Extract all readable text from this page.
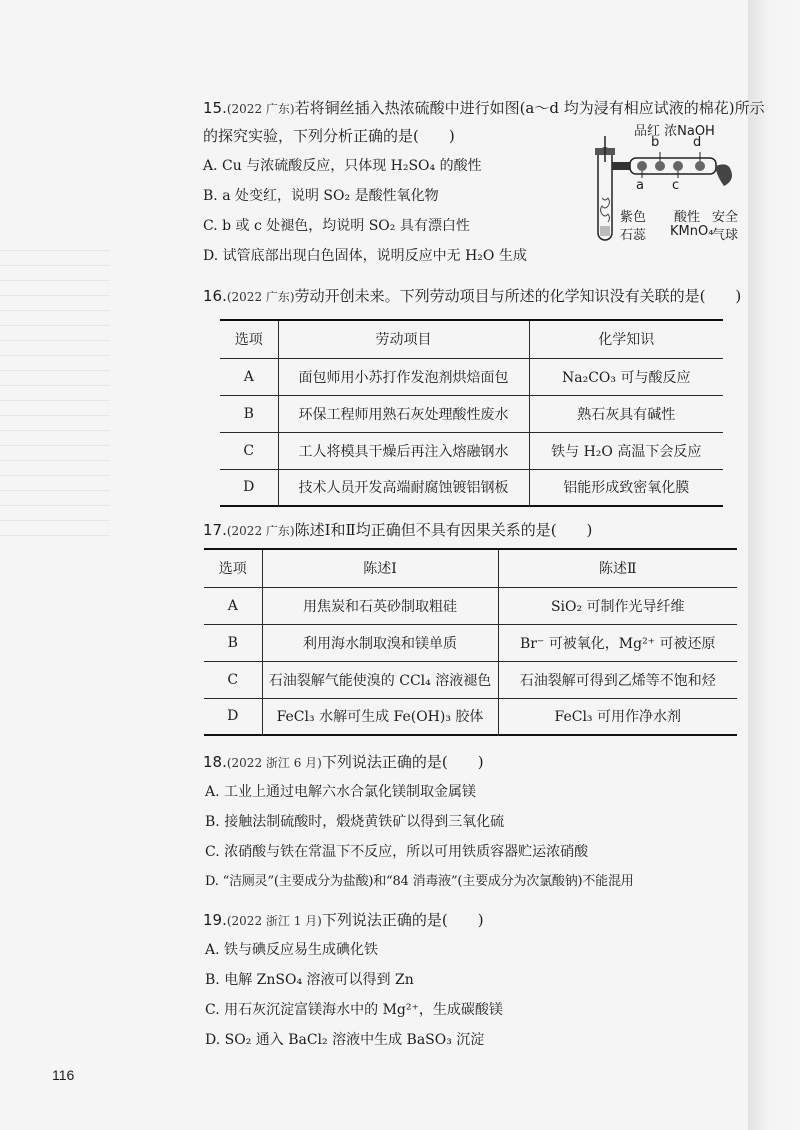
15.(2022 广东)若将铜丝插入热浓硫酸中进行如图(a～d 均为浸有相应试液的棉花)所示
的探究实验，下列分析正确的是(　　)
A. Cu 与浓硫酸反应，只体现 H₂SO₄ 的酸性
B. a 处变红，说明 SO₂ 是酸性氧化物
C. b 或 c 处褪色，均说明 SO₂ 具有漂白性
D. 试管底部出现白色固体，说明反应中无 H₂O 生成
品红 浓NaOH
b	d
a c
紫色
石蕊
酸性
KMnO₄
安全
气球
16.(2022 广东)劳动开创未来。下列劳动项目与所述的化学知识没有关联的是(　　)
选项	劳动项目	化学知识
A	面包师用小苏打作发泡剂烘焙面包	Na₂CO₃ 可与酸反应
B	环保工程师用熟石灰处理酸性废水	熟石灰具有碱性
C	工人将模具干燥后再注入熔融钢水	铁与 H₂O 高温下会反应
D	技术人员开发高端耐腐蚀镀铝钢板	铝能形成致密氧化膜
17.(2022 广东)陈述Ⅰ和Ⅱ均正确但不具有因果关系的是(　　)
选项	陈述Ⅰ	陈述Ⅱ
A	用焦炭和石英砂制取粗硅	SiO₂ 可制作光导纤维
B	利用海水制取溴和镁单质	Br⁻ 可被氧化，Mg²⁺ 可被还原
C	石油裂解气能使溴的 CCl₄ 溶液褪色	石油裂解可得到乙烯等不饱和烃
D	FeCl₃ 水解可生成 Fe(OH)₃ 胶体	FeCl₃ 可用作净水剂
18.(2022 浙江 6 月)下列说法正确的是(　　)
A. 工业上通过电解六水合氯化镁制取金属镁
B. 接触法制硫酸时，煅烧黄铁矿以得到三氧化硫
C. 浓硝酸与铁在常温下不反应，所以可用铁质容器贮运浓硝酸
D. “洁厕灵”(主要成分为盐酸)和“84 消毒液”(主要成分为次氯酸钠)不能混用
19.(2022 浙江 1 月)下列说法正确的是(　　)
A. 铁与碘反应易生成碘化铁
B. 电解 ZnSO₄ 溶液可以得到 Zn
C. 用石灰沉淀富镁海水中的 Mg²⁺，生成碳酸镁
D. SO₂ 通入 BaCl₂ 溶液中生成 BaSO₃ 沉淀
116
